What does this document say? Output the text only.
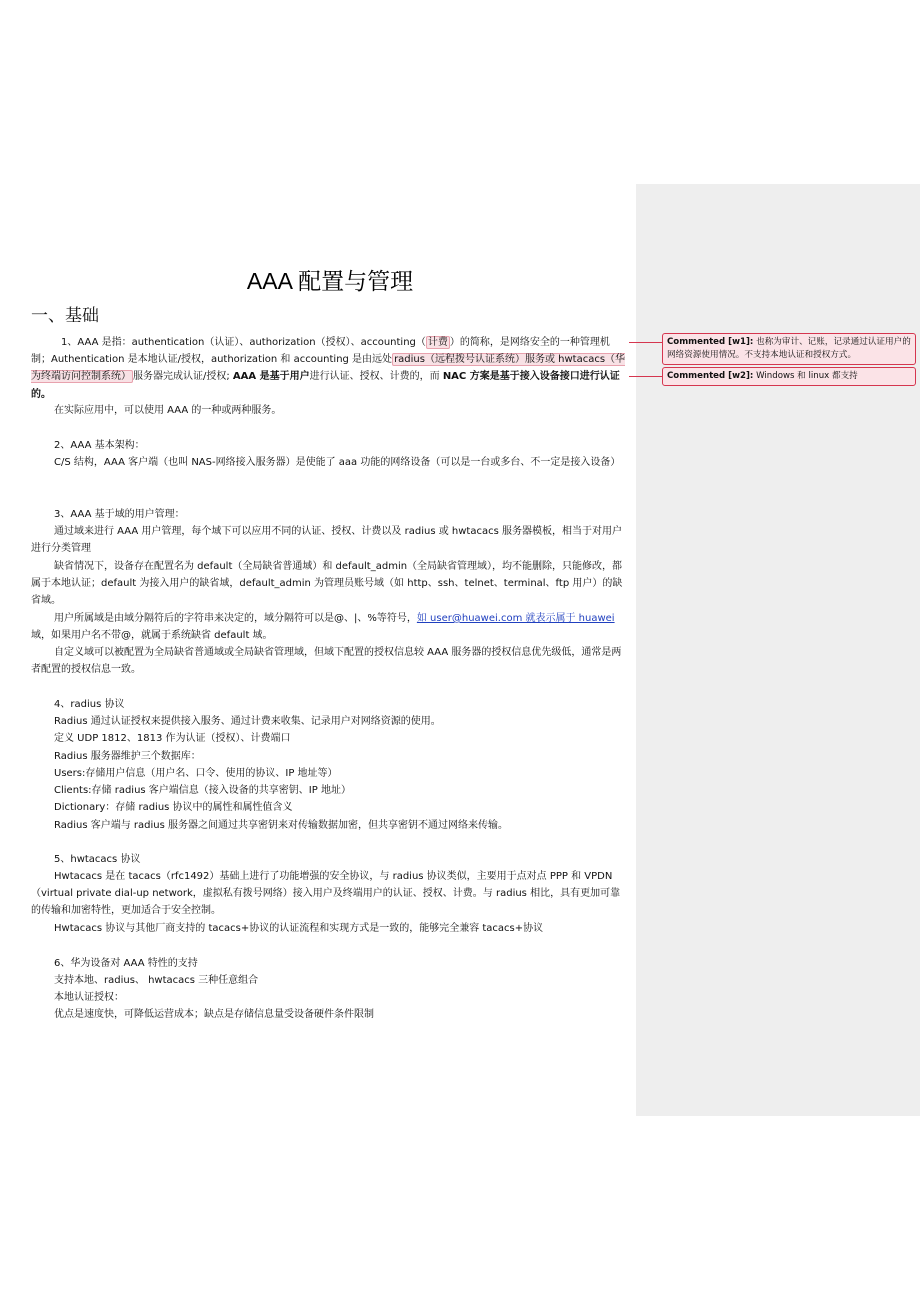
AAA 配置与管理
一、基础

1、AAA 是指：authentication（认证）、authorization（授权）、accounting（ 计费 ）的简称，是网络安全的一种管理机制；Authentication 是本地认证/授权，authorization 和 accounting 是由远处 radius（远程拨号认证系统）服务或 hwtacacs（华为终端访问控制系统） 服务器完成认证/授权; AAA 是基于用户进行认证、授权、计费的，而 NAC 方案是基于接入设备接口进行认证的。

在实际应用中，可以使用 AAA 的一种或两种服务。

2、AAA 基本架构：

C/S 结构，AAA 客户端（也叫 NAS-网络接入服务器）是使能了 aaa 功能的网络设备（可以是一台或多台、不一定是接入设备）

3、AAA 基于域的用户管理：

通过域来进行 AAA 用户管理，每个域下可以应用不同的认证、授权、计费以及 radius 或 hwtacacs 服务器模板，相当于对用户进行分类管理

缺省情况下，设备存在配置名为 default（全局缺省普通域）和 default_admin（全局缺省管理域），均不能删除，只能修改，都属于本地认证；default 为接入用户的缺省域，default_admin 为管理员账号域（如 http、ssh、telnet、terminal、ftp 用户）的缺省域。

用户所属域是由域分隔符后的字符串来决定的，域分隔符可以是@、|、%等符号，如 user@huawei.com 就表示属于 huawei 域，如果用户名不带@，就属于系统缺省 default 域。

自定义域可以被配置为全局缺省普通域或全局缺省管理域，但域下配置的授权信息较 AAA 服务器的授权信息优先级低，通常是两者配置的授权信息一致。

4、radius 协议

Radius 通过认证授权来提供接入服务、通过计费来收集、记录用户对网络资源的使用。

定义 UDP 1812、1813 作为认证（授权）、计费端口

Radius 服务器维护三个数据库：

Users:存储用户信息（用户名、口令、使用的协议、IP 地址等）

Clients:存储 radius 客户端信息（接入设备的共享密钥、IP 地址）

Dictionary：存储 radius 协议中的属性和属性值含义

Radius 客户端与 radius 服务器之间通过共享密钥来对传输数据加密，但共享密钥不通过网络来传输。

5、hwtacacs 协议

Hwtacacs 是在 tacacs（rfc1492）基础上进行了功能增强的安全协议，与 radius 协议类似，主要用于点对点 PPP 和 VPDN（virtual private dial-up network，虚拟私有拨号网络）接入用户及终端用户的认证、授权、计费。与 radius 相比，具有更加可靠的传输和加密特性，更加适合于安全控制。

Hwtacacs 协议与其他厂商支持的 tacacs+协议的认证流程和实现方式是一致的，能够完全兼容 tacacs+协议

6、华为设备对 AAA 特性的支持

支持本地、radius、 hwtacacs 三种任意组合

本地认证授权：

优点是速度快，可降低运营成本；缺点是存储信息量受设备硬件条件限制

Commented [w1]: 也称为审计、记账，记录通过认证用户的网络资源使用情况。不支持本地认证和授权方式。
Commented [w2]: Windows 和 linux 都支持
